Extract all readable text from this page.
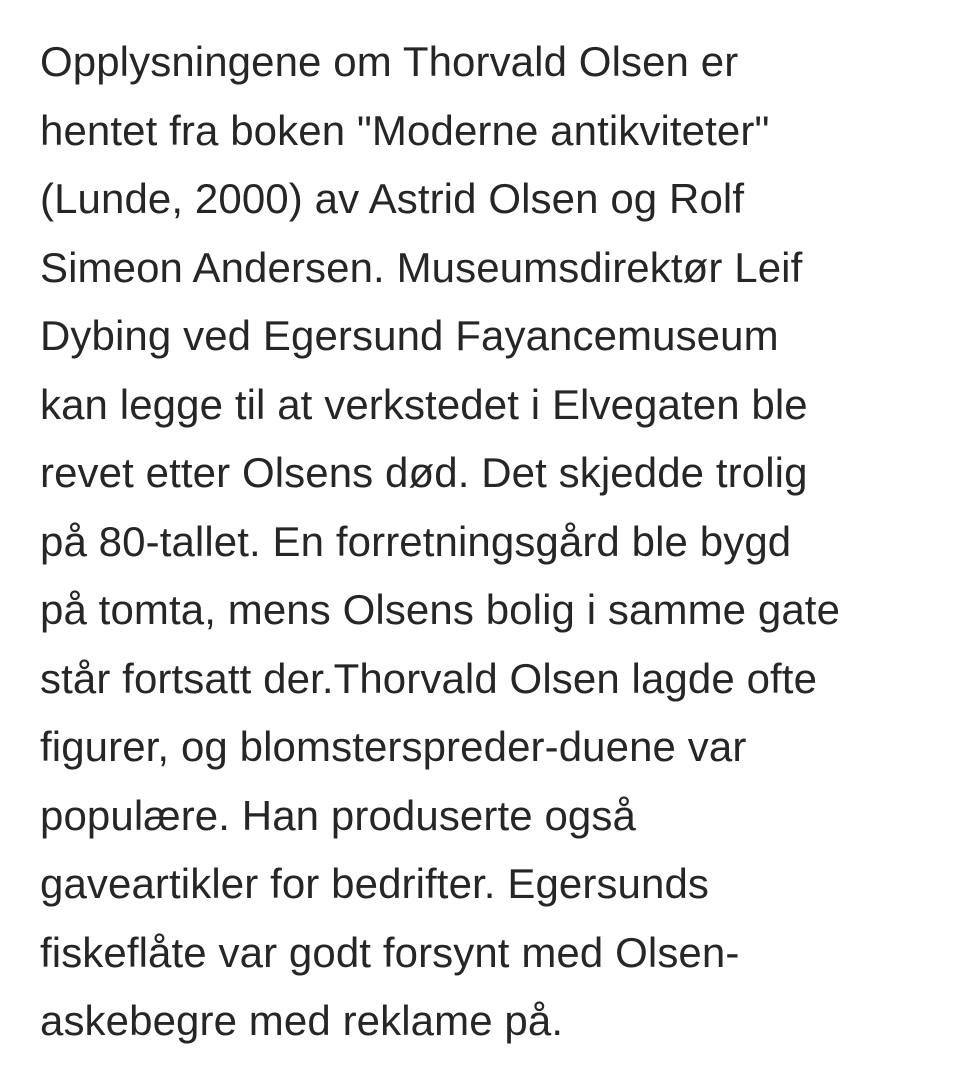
Opplysningene om Thorvald Olsen er
hentet fra boken "Moderne antikviteter"
(Lunde, 2000) av Astrid Olsen og Rolf
Simeon Andersen. Museumsdirektør Leif
Dybing ved Egersund Fayancemuseum
kan legge til at verkstedet i Elvegaten ble
revet etter Olsens død. Det skjedde trolig
på 80-tallet. En forretningsgård ble bygd
på tomta, mens Olsens bolig i samme gate
står fortsatt der.Thorvald Olsen lagde ofte
figurer, og blomsterspreder-duene var
populære. Han produserte også
gaveartikler for bedrifter. Egersunds
fiskeflåte var godt forsynt med Olsen-
askebegre med reklame på.
